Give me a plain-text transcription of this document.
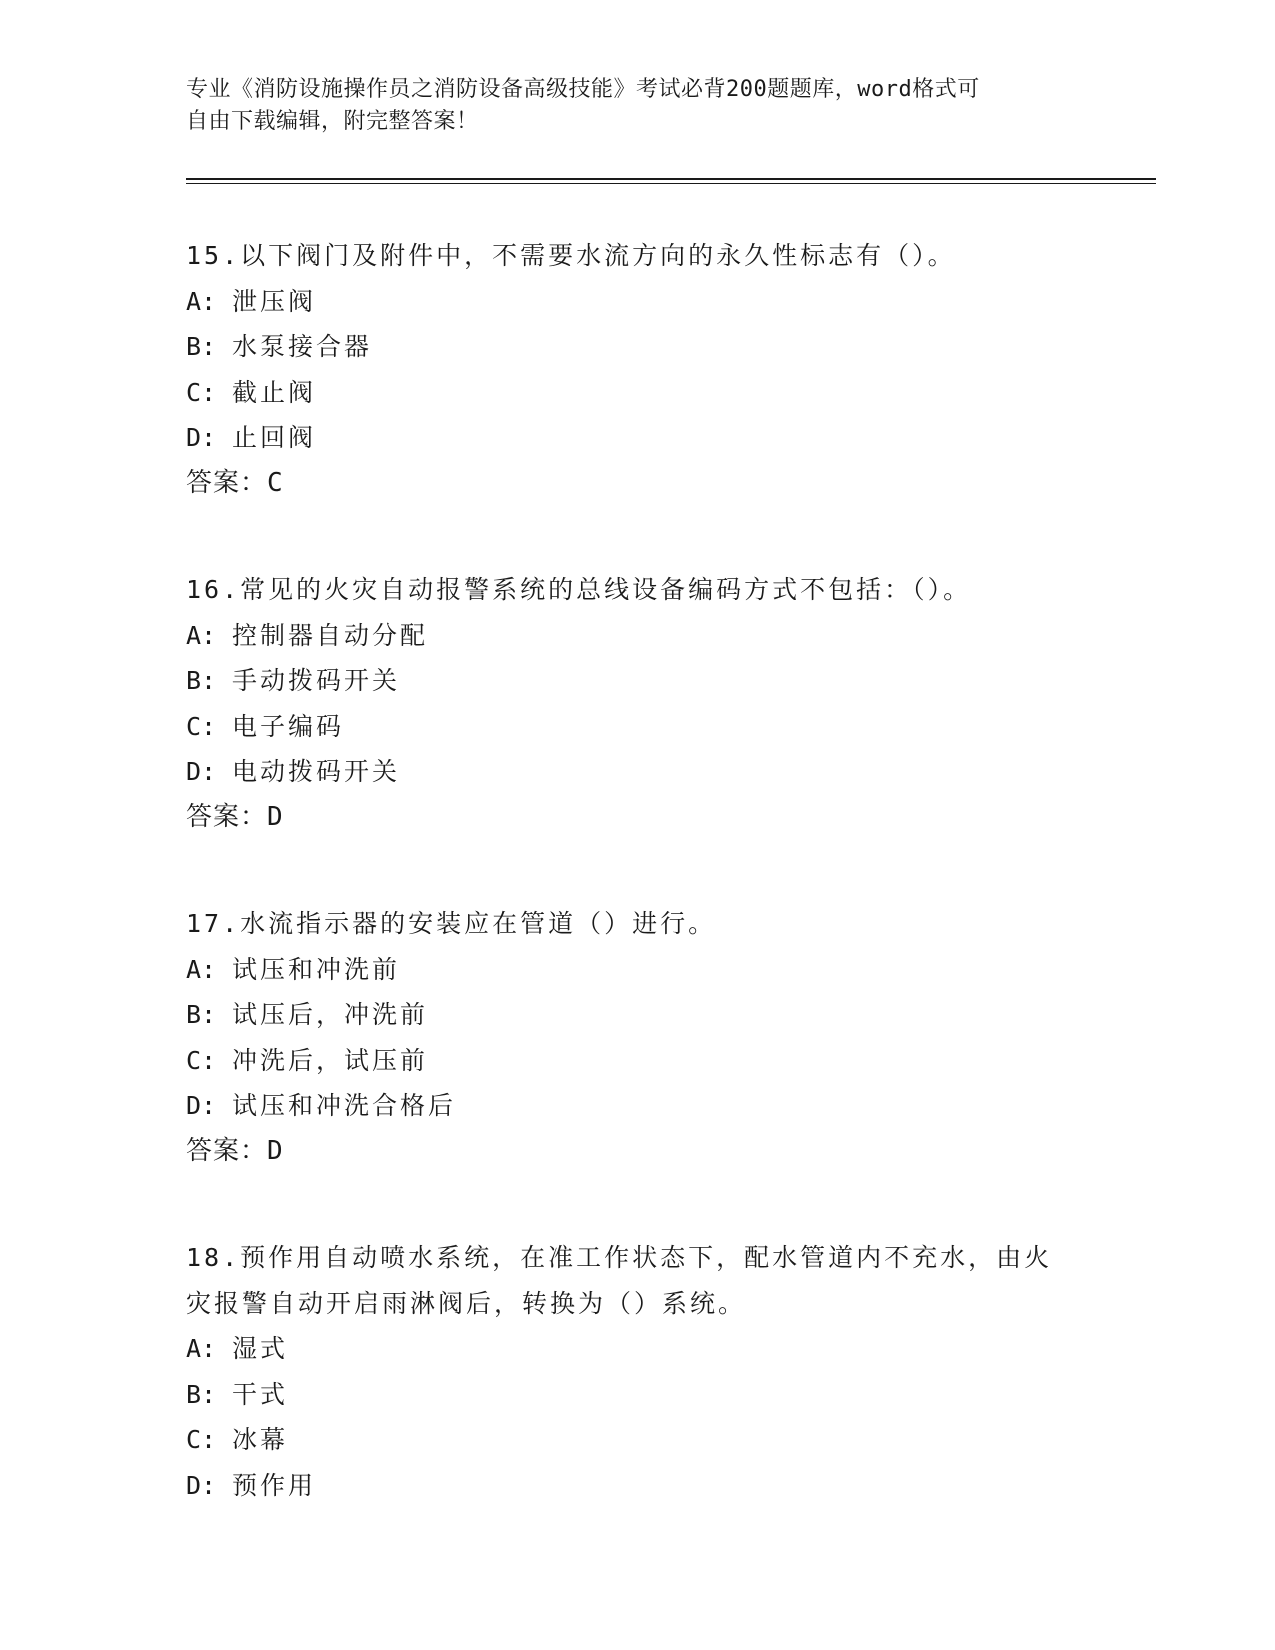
专业《消防设施操作员之消防设备高级技能》考试必背200题题库，word格式可
自由下载编辑，附完整答案！
15.以下阀门及附件中，不需要水流方向的永久性标志有（）。
A: 泄压阀
B: 水泵接合器
C: 截止阀
D: 止回阀
答案：C
16.常见的火灾自动报警系统的总线设备编码方式不包括：（）。
A: 控制器自动分配
B: 手动拨码开关
C: 电子编码
D: 电动拨码开关
答案：D
17.水流指示器的安装应在管道（）进行。
A: 试压和冲洗前
B: 试压后，冲洗前
C: 冲洗后，试压前
D: 试压和冲洗合格后
答案：D
18.预作用自动喷水系统，在准工作状态下，配水管道内不充水，由火
灾报警自动开启雨淋阀后，转换为（）系统。
A: 湿式
B: 干式
C: 冰幕
D: 预作用
